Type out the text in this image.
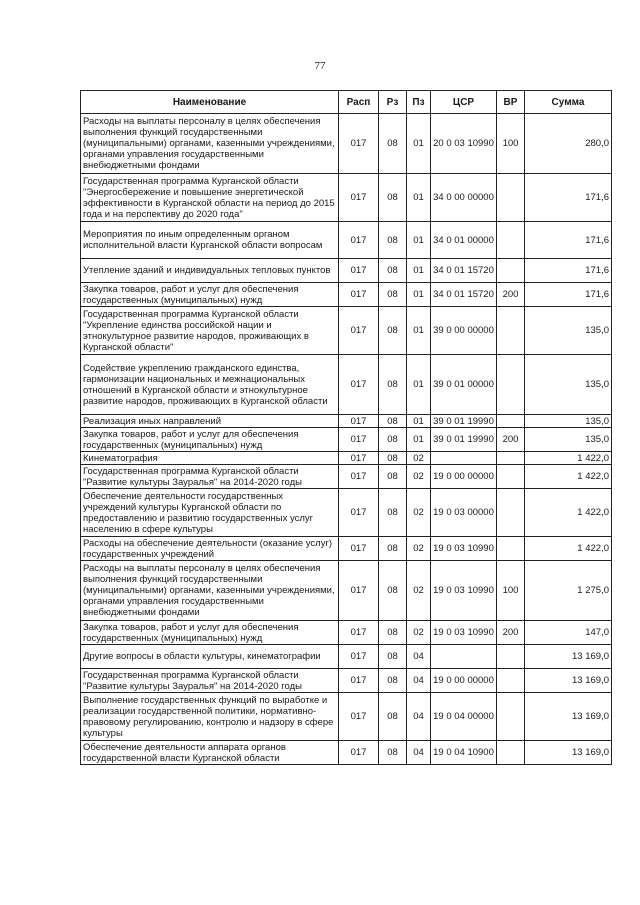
77
Наименование	Расп	Рз	Пз	ЦСР	ВР	Сумма
Расходы на выплаты персоналу в целях обеспечения выполнения функций государственными (муниципальными) органами, казенными учреждениями, органами управления государственными внебюджетными фондами	017	08	01	20 0 03 10990	100	280,0
Государственная программа Курганской области "Энергосбережение и повышение энергетической эффективности в Курганской области на период до 2015 года и на перспективу до 2020 года"	017	08	01	34 0 00 00000		171,6
Мероприятия по иным определенным органом исполнительной власти Курганской области вопросам	017	08	01	34 0 01 00000		171,6
Утепление зданий и индивидуальных тепловых пунктов	017	08	01	34 0 01 15720		171,6
Закупка товаров, работ и услуг для обеспечения государственных (муниципальных) нужд	017	08	01	34 0 01 15720	200	171,6
Государственная программа Курганской области "Укрепление единства российской нации и этнокультурное развитие народов, проживающих в Курганской области"	017	08	01	39 0 00 00000		135,0
Содействие укреплению гражданского единства, гармонизации национальных и межнациональных отношений в Курганской области и этнокультурное развитие народов, проживающих в Курганской области	017	08	01	39 0 01 00000		135,0
Реализация иных направлений	017	08	01	39 0 01 19990		135,0
Закупка товаров, работ и услуг для обеспечения государственных (муниципальных) нужд	017	08	01	39 0 01 19990	200	135,0
Кинематография	017	08	02			1 422,0
Государственная программа Курганской области "Развитие культуры Зауралья" на 2014-2020 годы	017	08	02	19 0 00 00000		1 422,0
Обеспечение деятельности государственных учреждений культуры Курганской области по предоставлению и развитию государственных услуг населению в сфере культуры	017	08	02	19 0 03 00000		1 422,0
Расходы на обеспечение деятельности (оказание услуг) государственных учреждений	017	08	02	19 0 03 10990		1 422,0
Расходы на выплаты персоналу в целях обеспечения выполнения функций государственными (муниципальными) органами, казенными учреждениями, органами управления государственными внебюджетными фондами	017	08	02	19 0 03 10990	100	1 275,0
Закупка товаров, работ и услуг для обеспечения государственных (муниципальных) нужд	017	08	02	19 0 03 10990	200	147,0
Другие вопросы в области культуры, кинематографии	017	08	04			13 169,0
Государственная программа Курганской области "Развитие культуры Зауралья" на 2014-2020 годы	017	08	04	19 0 00 00000		13 169,0
Выполнение государственных функций по выработке и реализации государственной политики, нормативно-правовому регулированию, контролю и надзору в сфере культуры	017	08	04	19 0 04 00000		13 169,0
Обеспечение деятельности аппарата органов государственной власти Курганской области	017	08	04	19 0 04 10900		13 169,0
